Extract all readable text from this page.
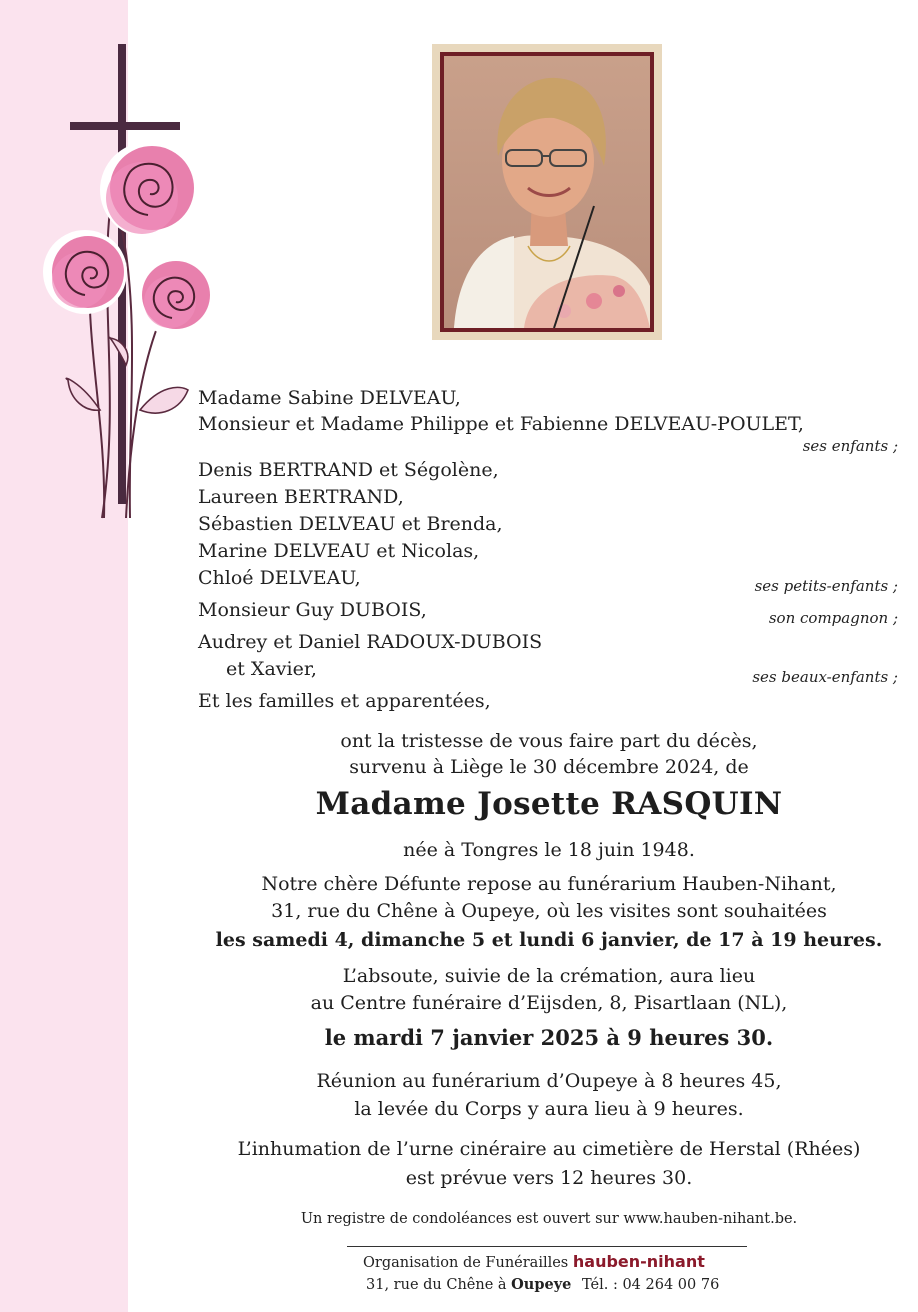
Madame Sabine DELVEAU,
Monsieur et Madame Philippe et Fabienne DELVEAU-POULET,
ses enfants ;
Denis BERTRAND et Ségolène,
Laureen BERTRAND,
Sébastien DELVEAU et Brenda,
Marine DELVEAU et Nicolas,
Chloé DELVEAU,	ses petits-enfants ;
Monsieur Guy DUBOIS,	son compagnon ;
Audrey et Daniel RADOUX-DUBOIS
et Xavier,	ses beaux-enfants ;
Et les familles et apparentées,
ont la tristesse de vous faire part du décès,
survenu à Liège le 30 décembre 2024, de
Madame Josette RASQUIN
née à Tongres le 18 juin 1948.
Notre chère Défunte repose au funérarium Hauben-Nihant,
31, rue du Chêne à Oupeye, où les visites sont souhaitées
les samedi 4, dimanche 5 et lundi 6 janvier, de 17 à 19 heures.
L’absoute, suivie de la crémation, aura lieu
au Centre funéraire d’Eijsden, 8, Pisartlaan (NL),
le mardi 7 janvier 2025 à 9 heures 30.
Réunion au funérarium d’Oupeye à 8 heures 45,
la levée du Corps y aura lieu à 9 heures.
L’inhumation de l’urne cinéraire au cimetière de Herstal (Rhées)
est prévue vers 12 heures 30.
Un registre de condoléances est ouvert sur www.hauben-nihant.be.
Organisation de Funérailles hauben-nihant
31, rue du Chêne à Oupeye Tél. : 04 264 00 76
